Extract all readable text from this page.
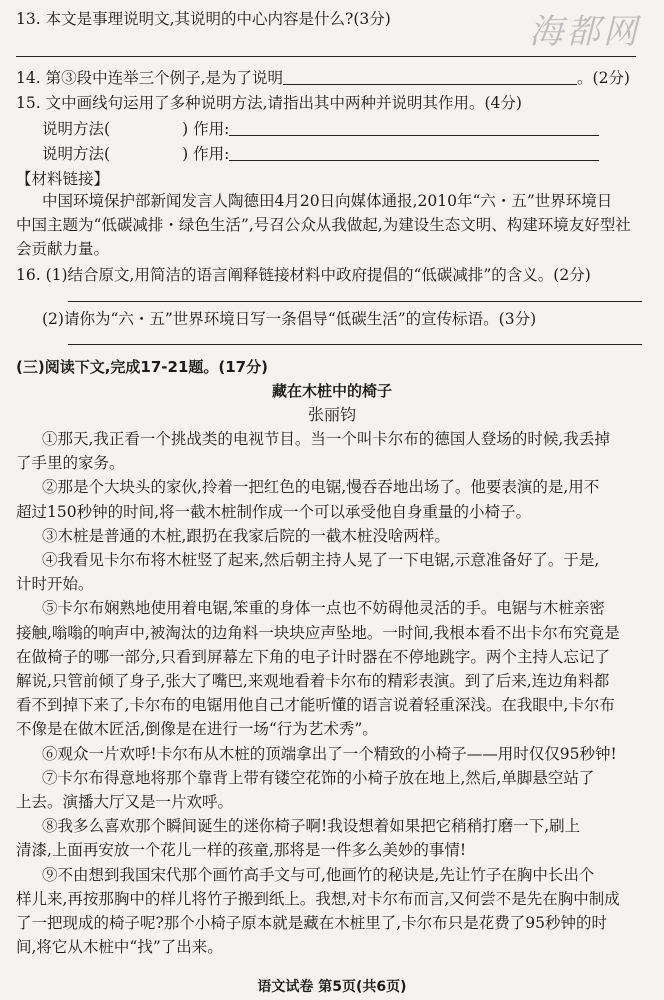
海都网
13. 本文是事理说明文,其说明的中心内容是什么?(3分)
14. 第③段中连举三个例子,是为了说明	。(2分)
15. 文中画线句运用了多种说明方法,请指出其中两种并说明其作用。(4分)
说明方法(	) 作用:
说明方法(	) 作用:
【材料链接】
中国环境保护部新闻发言人陶德田4月20日向媒体通报,2010年“六・五”世界环境日
中国主题为“低碳减排・绿色生活”,号召公众从我做起,为建设生态文明、构建环境友好型社
会贡献力量。
16. (1)结合原文,用简洁的语言阐释链接材料中政府提倡的“低碳减排”的含义。(2分)
(2)请你为“六・五”世界环境日写一条倡导“低碳生活”的宣传标语。(3分)
(三)阅读下文,完成17-21题。(17分)
藏在木桩中的椅子
张丽钧
①那天,我正看一个挑战类的电视节目。当一个叫卡尔布的德国人登场的时候,我丢掉
了手里的家务。
②那是个大块头的家伙,拎着一把红色的电锯,慢吞吞地出场了。他要表演的是,用不
超过150秒钟的时间,将一截木桩制作成一个可以承受他自身重量的小椅子。
③木桩是普通的木桩,跟扔在我家后院的一截木桩没啥两样。
④我看见卡尔布将木桩竖了起来,然后朝主持人晃了一下电锯,示意准备好了。于是,
计时开始。
⑤卡尔布娴熟地使用着电锯,笨重的身体一点也不妨碍他灵活的手。电锯与木桩亲密
接触,嗡嗡的响声中,被淘汰的边角料一块块应声坠地。一时间,我根本看不出卡尔布究竟是
在做椅子的哪一部分,只看到屏幕左下角的电子计时器在不停地跳字。两个主持人忘记了
解说,只管前倾了身子,张大了嘴巴,来观地看着卡尔布的精彩表演。到了后来,连边角料都
看不到掉下来了,卡尔布的电锯用他自己才能听懂的语言说着轻重深浅。在我眼中,卡尔布
不像是在做木匠活,倒像是在进行一场“行为艺术秀”。
⑥观众一片欢呼!卡尔布从木桩的顶端拿出了一个精致的小椅子——用时仅仅95秒钟!
⑦卡尔布得意地将那个靠背上带有镂空花饰的小椅子放在地上,然后,单脚悬空站了
上去。演播大厅又是一片欢呼。
⑧我多么喜欢那个瞬间诞生的迷你椅子啊!我设想着如果把它稍稍打磨一下,刷上
清漆,上面再安放一个花儿一样的孩童,那将是一件多么美妙的事情!
⑨不由想到我国宋代那个画竹高手文与可,他画竹的秘诀是,先让竹子在胸中长出个
样儿来,再按那胸中的样儿将竹子搬到纸上。我想,对卡尔布而言,又何尝不是先在胸中制成
了一把现成的椅子呢?那个小椅子原本就是藏在木桩里了,卡尔布只是花费了95秒钟的时
语文试卷 第5页(共6页)
间,将它从木桩中“找”了出来。
